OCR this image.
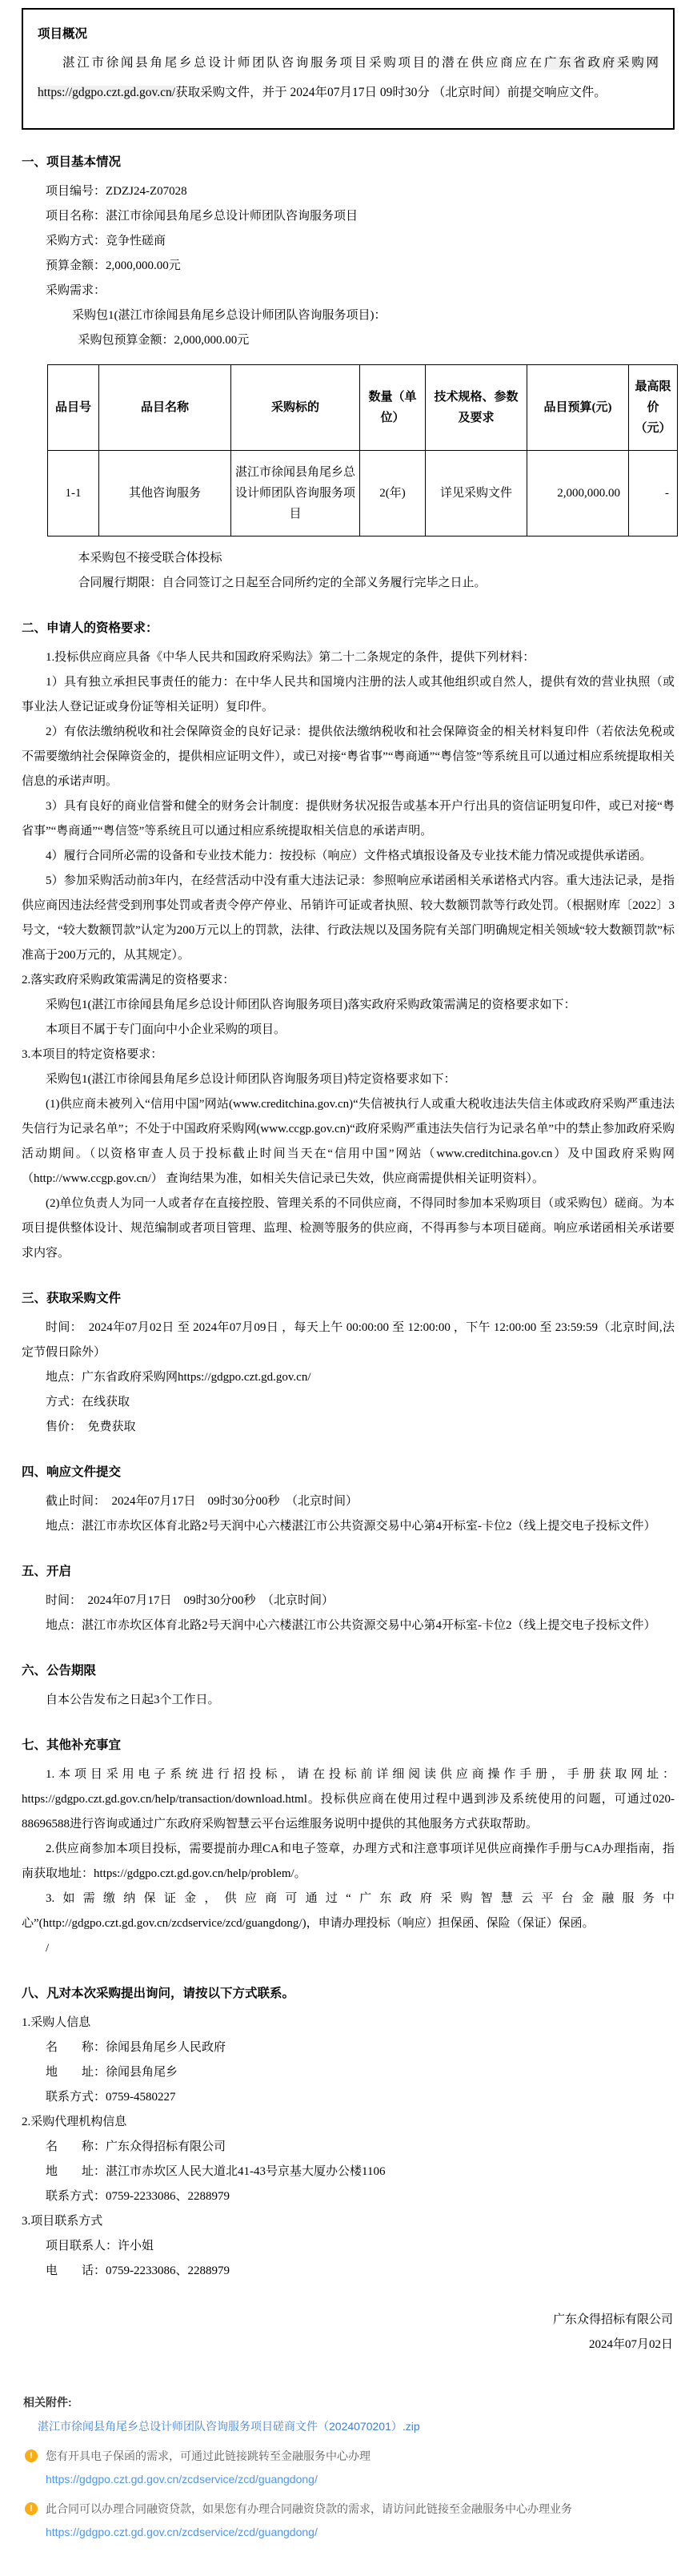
项目概况

湛江市徐闻县角尾乡总设计师团队咨询服务项目采购项目的潜在供应商应在广东省政府采购网https://gdgpo.czt.gd.gov.cn/获取采购文件，并于 2024年07月17日 09时30分 （北京时间）前提交响应文件。

一、项目基本情况

项目编号：ZDZJ24-Z07028

项目名称：湛江市徐闻县角尾乡总设计师团队咨询服务项目

采购方式：竞争性磋商

预算金额：2,000,000.00元

采购需求：

采购包1(湛江市徐闻县角尾乡总设计师团队咨询服务项目)：

采购包预算金额：2,000,000.00元

品目号	品目名称	采购标的	数量（单位）	技术规格、参数及要求	品目预算(元)	最高限价（元）
1-1	其他咨询服务	湛江市徐闻县角尾乡总设计师团队咨询服务项目	2(年)	详见采购文件	2,000,000.00	-

本采购包不接受联合体投标

合同履行期限：自合同签订之日起至合同所约定的全部义务履行完毕之日止。

二、申请人的资格要求：

1.投标供应商应具备《中华人民共和国政府采购法》第二十二条规定的条件，提供下列材料：

1）具有独立承担民事责任的能力：在中华人民共和国境内注册的法人或其他组织或自然人，提供有效的营业执照（或事业法人登记证或身份证等相关证明）复印件。

2）有依法缴纳税收和社会保障资金的良好记录：提供依法缴纳税收和社会保障资金的相关材料复印件（若依法免税或不需要缴纳社会保障资金的，提供相应证明文件），或已对接“粤省事”“粤商通”“粤信签”等系统且可以通过相应系统提取相关信息的承诺声明。

3）具有良好的商业信誉和健全的财务会计制度：提供财务状况报告或基本开户行出具的资信证明复印件，或已对接“粤省事”“粤商通”“粤信签”等系统且可以通过相应系统提取相关信息的承诺声明。

4）履行合同所必需的设备和专业技术能力：按投标（响应）文件格式填报设备及专业技术能力情况或提供承诺函。

5）参加采购活动前3年内，在经营活动中没有重大违法记录：参照响应承诺函相关承诺格式内容。重大违法记录，是指供应商因违法经营受到刑事处罚或者责令停产停业、吊销许可证或者执照、较大数额罚款等行政处罚。（根据财库〔2022〕3号文，“较大数额罚款”认定为200万元以上的罚款，法律、行政法规以及国务院有关部门明确规定相关领域“较大数额罚款”标准高于200万元的，从其规定）。

2.落实政府采购政策需满足的资格要求：

采购包1(湛江市徐闻县角尾乡总设计师团队咨询服务项目)落实政府采购政策需满足的资格要求如下：

本项目不属于专门面向中小企业采购的项目。

3.本项目的特定资格要求：

采购包1(湛江市徐闻县角尾乡总设计师团队咨询服务项目)特定资格要求如下：

(1)供应商未被列入“信用中国”网站(www.creditchina.gov.cn)“失信被执行人或重大税收违法失信主体或政府采购严重违法失信行为记录名单”；不处于中国政府采购网(www.ccgp.gov.cn)“政府采购严重违法失信行为记录名单”中的禁止参加政府采购活动期间。（以资格审查人员于投标截止时间当天在“信用中国”网站（www.creditchina.gov.cn）及中国政府采购网 （http://www.ccgp.gov.cn/） 查询结果为准，如相关失信记录已失效，供应商需提供相关证明资料）。

(2)单位负责人为同一人或者存在直接控股、管理关系的不同供应商，不得同时参加本采购项目（或采购包）磋商。为本项目提供整体设计、规范编制或者项目管理、监理、检测等服务的供应商，不得再参与本项目磋商。响应承诺函相关承诺要求内容。

三、获取采购文件

时间：　2024年07月02日 至 2024年07月09日 ，每天上午 00:00:00 至 12:00:00 ，下午 12:00:00 至 23:59:59（北京时间,法定节假日除外）

地点：广东省政府采购网https://gdgpo.czt.gd.gov.cn/

方式：在线获取

售价：　免费获取

四、响应文件提交

截止时间：　2024年07月17日　09时30分00秒　（北京时间）

地点：湛江市赤坎区体育北路2号天润中心六楼湛江市公共资源交易中心第4开标室-卡位2（线上提交电子投标文件）

五、开启

时间：　2024年07月17日　09时30分00秒　（北京时间）

地点：湛江市赤坎区体育北路2号天润中心六楼湛江市公共资源交易中心第4开标室-卡位2（线上提交电子投标文件）

六、公告期限

自本公告发布之日起3个工作日。

七、其他补充事宜

1.本项目采用电子系统进行招投标，请在投标前详细阅读供应商操作手册，手册获取网址：https://gdgpo.czt.gd.gov.cn/help/transaction/download.html。投标供应商在使用过程中遇到涉及系统使用的问题，可通过020-88696588进行咨询或通过广东政府采购智慧云平台运维服务说明中提供的其他服务方式获取帮助。

2.供应商参加本项目投标，需要提前办理CA和电子签章，办理方式和注意事项详见供应商操作手册与CA办理指南，指南获取地址：https://gdgpo.czt.gd.gov.cn/help/problem/。

3.如需缴纳保证金，供应商可通过“广东政府采购智慧云平台金融服务中心”(http://gdgpo.czt.gd.gov.cn/zcdservice/zcd/guangdong/)，申请办理投标（响应）担保函、保险（保证）保函。

/

八、凡对本次采购提出询问，请按以下方式联系。

1.采购人信息

名　　称：徐闻县角尾乡人民政府

地　　址：徐闻县角尾乡

联系方式：0759-4580227

2.采购代理机构信息

名　　称：广东众得招标有限公司

地　　址：湛江市赤坎区人民大道北41-43号京基大厦办公楼1106

联系方式：0759-2233086、2288979

3.项目联系方式

项目联系人：许小姐

电　　话：0759-2233086、2288979

广东众得招标有限公司

2024年07月02日

相关附件:

湛江市徐闻县角尾乡总设计师团队咨询服务项目磋商文件（2024070201）.zip

!	您有开具电子保函的需求，可通过此链接跳转至金融服务中心办理
https://gdgpo.czt.gd.gov.cn/zcdservice/zcd/guangdong/
!	此合同可以办理合同融资贷款，如果您有办理合同融资贷款的需求，请访问此链接至金融服务中心办理业务
https://gdgpo.czt.gd.gov.cn/zcdservice/zcd/guangdong/
